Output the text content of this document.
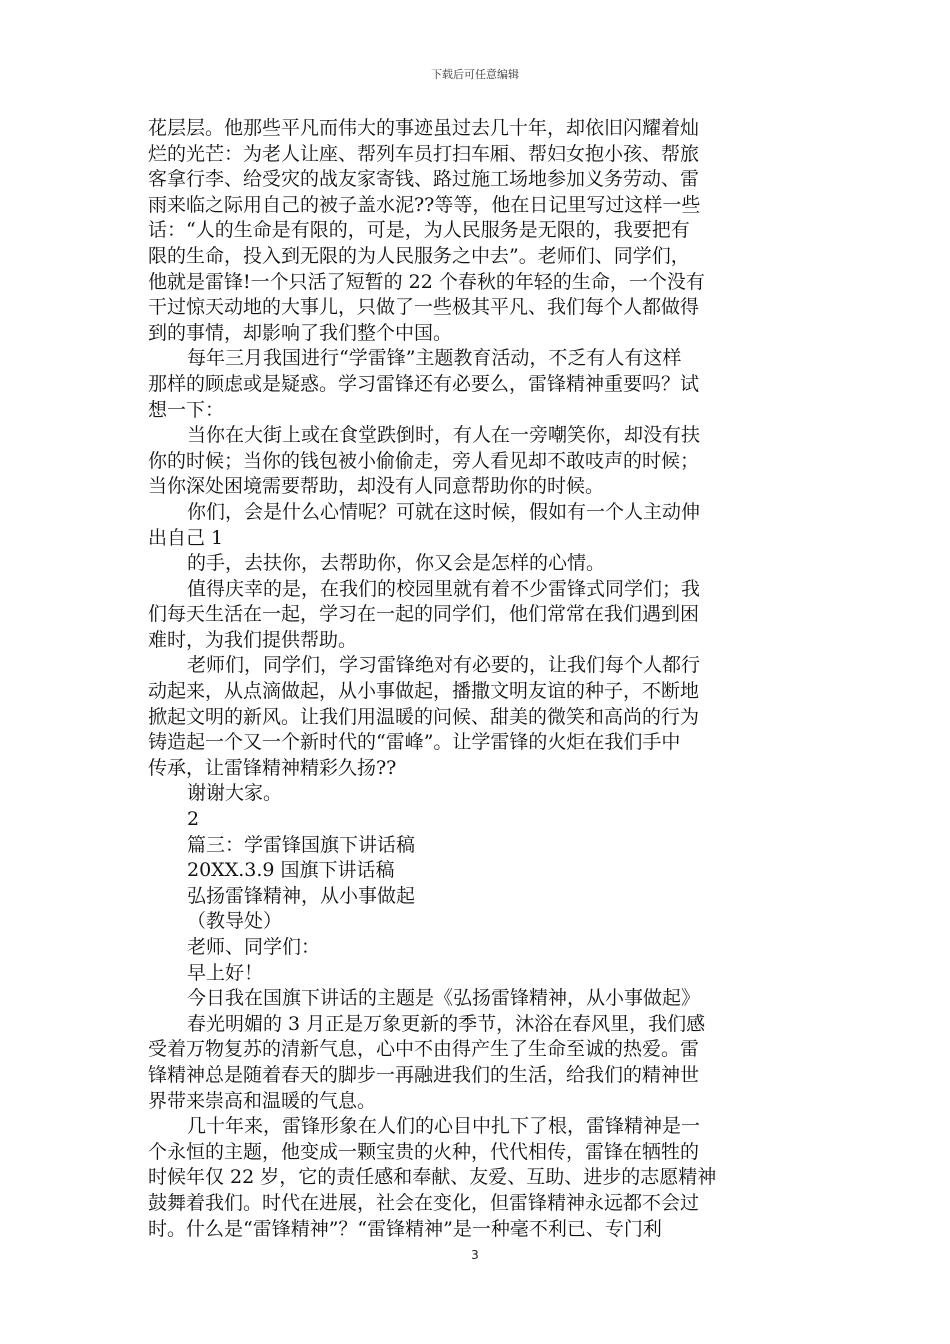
下载后可任意编辑

花层层。他那些平凡而伟大的事迹虽过去几十年，却依旧闪耀着灿

烂的光芒：为老人让座、帮列车员打扫车厢、帮妇女抱小孩、帮旅

客拿行李、给受灾的战友家寄钱、路过施工场地参加义务劳动、雷

雨来临之际用自己的被子盖水泥??等等，他在日记里写过这样一些

话：“人的生命是有限的，可是，为人民服务是无限的，我要把有

限的生命，投入到无限的为人民服务之中去”。老师们、同学们，

他就是雷锋!一个只活了短暂的 22 个春秋的年轻的生命，一个没有

干过惊天动地的大事儿，只做了一些极其平凡、我们每个人都做得

到的事情，却影响了我们整个中国。

每年三月我国进行“学雷锋”主题教育活动，不乏有人有这样

那样的顾虑或是疑惑。学习雷锋还有必要么，雷锋精神重要吗？试

想一下：

当你在大街上或在食堂跌倒时，有人在一旁嘲笑你，却没有扶

你的时候；当你的钱包被小偷偷走，旁人看见却不敢吱声的时候；

当你深处困境需要帮助，却没有人同意帮助你的时候。

你们，会是什么心情呢？可就在这时候，假如有一个人主动伸

出自己 1

的手，去扶你，去帮助你，你又会是怎样的心情。

值得庆幸的是，在我们的校园里就有着不少雷锋式同学们；我

们每天生活在一起，学习在一起的同学们，他们常常在我们遇到困

难时，为我们提供帮助。

老师们，同学们，学习雷锋绝对有必要的，让我们每个人都行

动起来，从点滴做起，从小事做起，播撒文明友谊的种子，不断地

掀起文明的新风。让我们用温暖的问候、甜美的微笑和高尚的行为

铸造起一个又一个新时代的“雷峰”。让学雷锋的火炬在我们手中

传承，让雷锋精神精彩久扬??

谢谢大家。

2

篇三：学雷锋国旗下讲话稿

20XX.3.9 国旗下讲话稿

弘扬雷锋精神，从小事做起

（教导处）

老师、同学们：

早上好！

今日我在国旗下讲话的主题是《弘扬雷锋精神，从小事做起》

春光明媚的 3 月正是万象更新的季节，沐浴在春风里，我们感

受着万物复苏的清新气息，心中不由得产生了生命至诚的热爱。雷

锋精神总是随着春天的脚步一再融进我们的生活，给我们的精神世

界带来崇高和温暖的气息。

几十年来，雷锋形象在人们的心目中扎下了根，雷锋精神是一

个永恒的主题，他变成一颗宝贵的火种，代代相传，雷锋在牺牲的

时候年仅 22 岁，它的责任感和奉献、友爱、互助、进步的志愿精神

鼓舞着我们。时代在进展，社会在变化，但雷锋精神永远都不会过

时。什么是“雷锋精神”？“雷锋精神”是一种毫不利已、专门利

3
